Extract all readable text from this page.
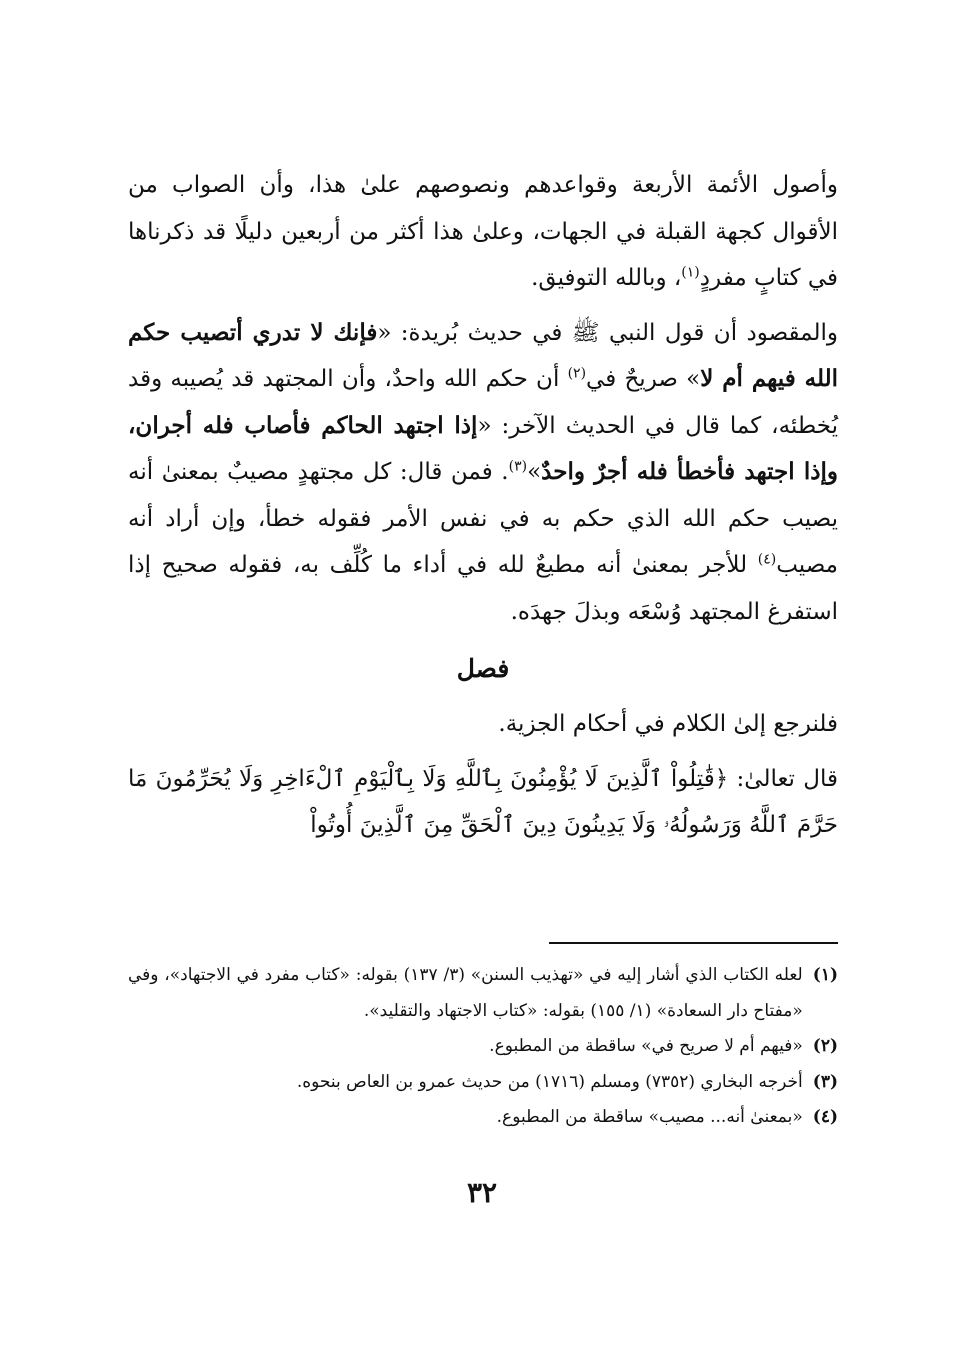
وأصول الأئمة الأربعة وقواعدهم ونصوصهم علىٰ هذا، وأن الصواب من الأقوال كجهة القبلة في الجهات، وعلىٰ هذا أكثر من أربعين دليلًا قد ذكرناها في كتابٍ مفردٍ$^{(١)}$، وبالله التوفيق.

والمقصود أن قول النبي ﷺ في حديث بُريدة: «فإنك لا تدري أتصيب حكم الله فيهم أم لا» صريحٌ في$^{(٢)}$ أن حكم الله واحدٌ، وأن المجتهد قد يُصيبه وقد يُخطئه، كما قال في الحديث الآخر: «إذا اجتهد الحاكم فأصاب فله أجران، وإذا اجتهد فأخطأ فله أجرٌ واحدٌ»$^{(٣)}$. فمن قال: كل مجتهدٍ مصيبٌ بمعنىٰ أنه يصيب حكم الله الذي حكم به في نفس الأمر فقوله خطأ، وإن أراد أنه مصيب$^{(٤)}$ للأجر بمعنىٰ أنه مطيعٌ لله في أداء ما كُلِّف به، فقوله صحيح إذا استفرغ المجتهد وُسْعَه وبذلَ جهدَه.

فصل

فلنرجع إلىٰ الكلام في أحكام الجزية.

قال تعالىٰ: ﴿قَٰتِلُواْ ٱلَّذِينَ لَا يُؤْمِنُونَ بِٱللَّهِ وَلَا بِٱلْيَوْمِ ٱلْءَاخِرِ وَلَا يُحَرِّمُونَ مَا حَرَّمَ ٱللَّهُ وَرَسُولُهُۥ وَلَا يَدِينُونَ دِينَ ٱلْحَقِّ مِنَ ٱلَّذِينَ أُوتُواْ

(١)
لعله الكتاب الذي أشار إليه في «تهذيب السنن» (٣/ ١٣٧) بقوله: «كتاب مفرد في الاجتهاد»، وفي «مفتاح دار السعادة» (١/ ١٥٥) بقوله: «كتاب الاجتهاد والتقليد».
(٢)
«فيهم أم لا صريح في» ساقطة من المطبوع.
(٣)
أخرجه البخاري (٧٣٥٢) ومسلم (١٧١٦) من حديث عمرو بن العاص بنحوه.
(٤)
«بمعنىٰ أنه... مصيب» ساقطة من المطبوع.
٣٢
